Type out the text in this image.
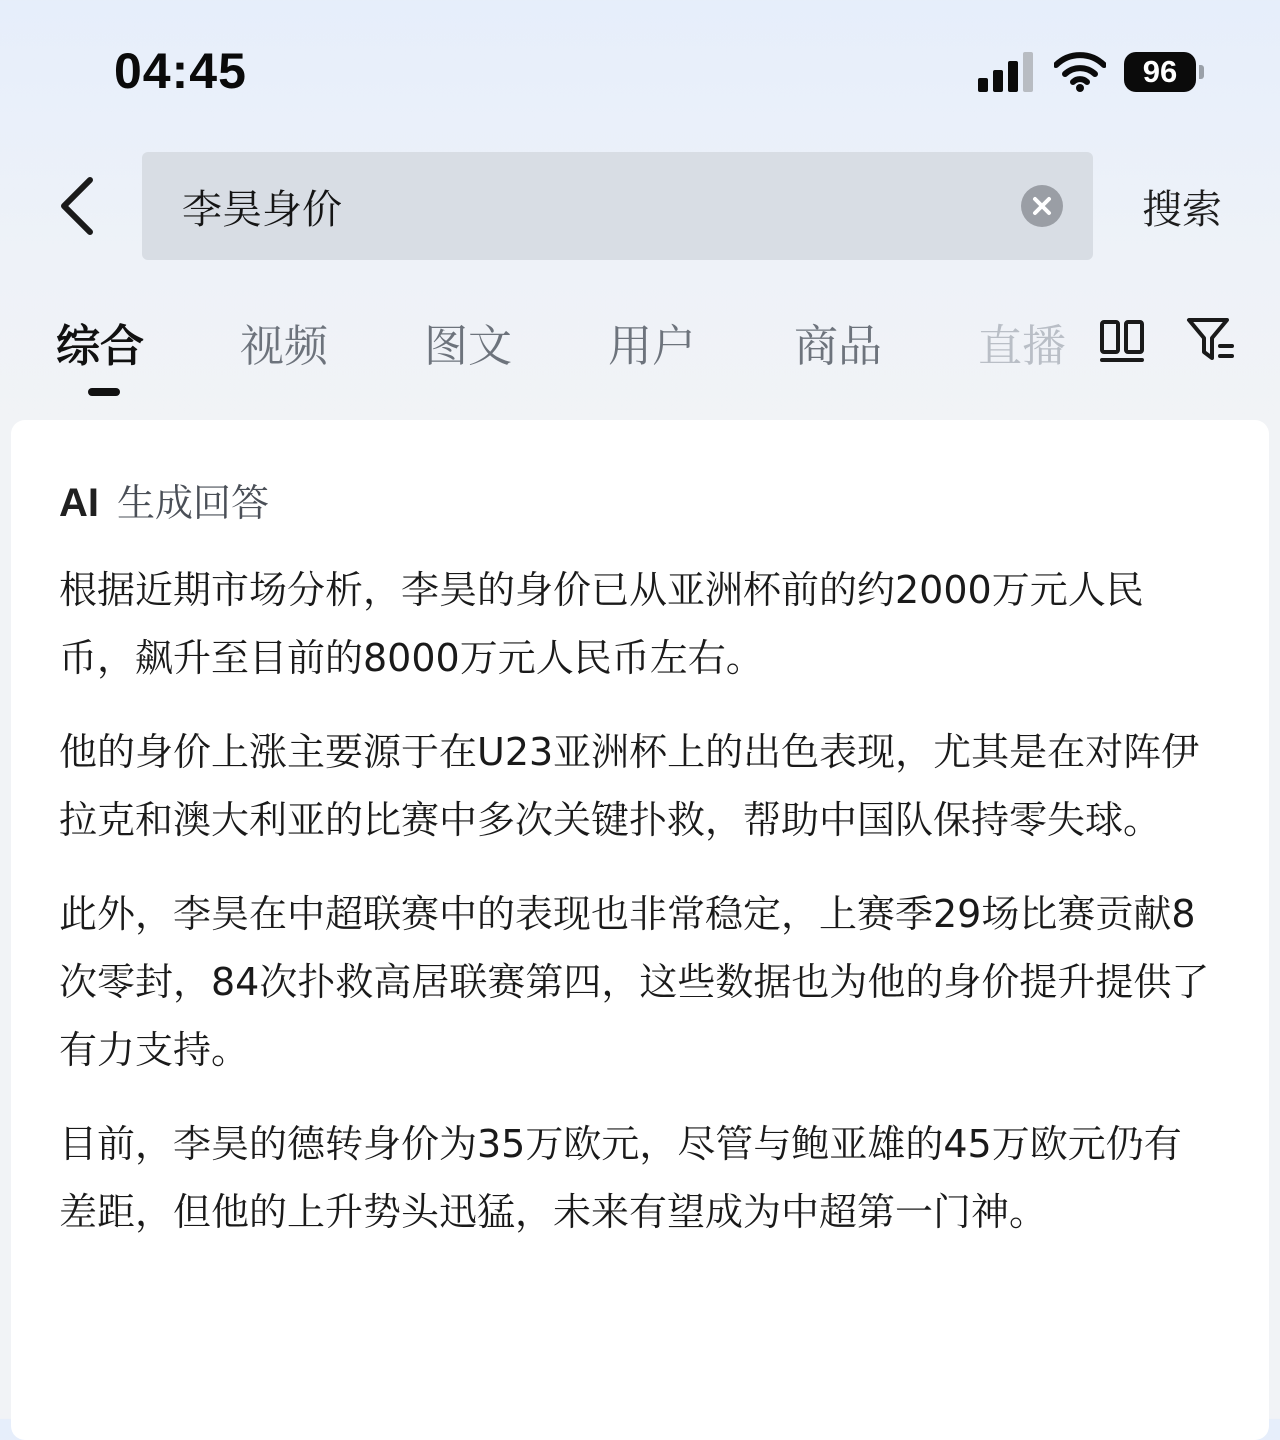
04:45	96
李昊身价
搜索
综合 视频 图文 用户 商品 直播
AI 生成回答

根据近期市场分析，李昊的身价已从亚洲杯前的约2000万元人民币，飙升至目前的8000万元人民币左右。

他的身价上涨主要源于在U23亚洲杯上的出色表现，尤其是在对阵伊拉克和澳大利亚的比赛中多次关键扑救，帮助中国队保持零失球。

此外，李昊在中超联赛中的表现也非常稳定，上赛季29场比赛贡献8次零封，84次扑救高居联赛第四，这些数据也为他的身价提升提供了有力支持。

目前，李昊的德转身价为35万欧元，尽管与鲍亚雄的45万欧元仍有差距，但他的上升势头迅猛，未来有望成为中超第一门神。
